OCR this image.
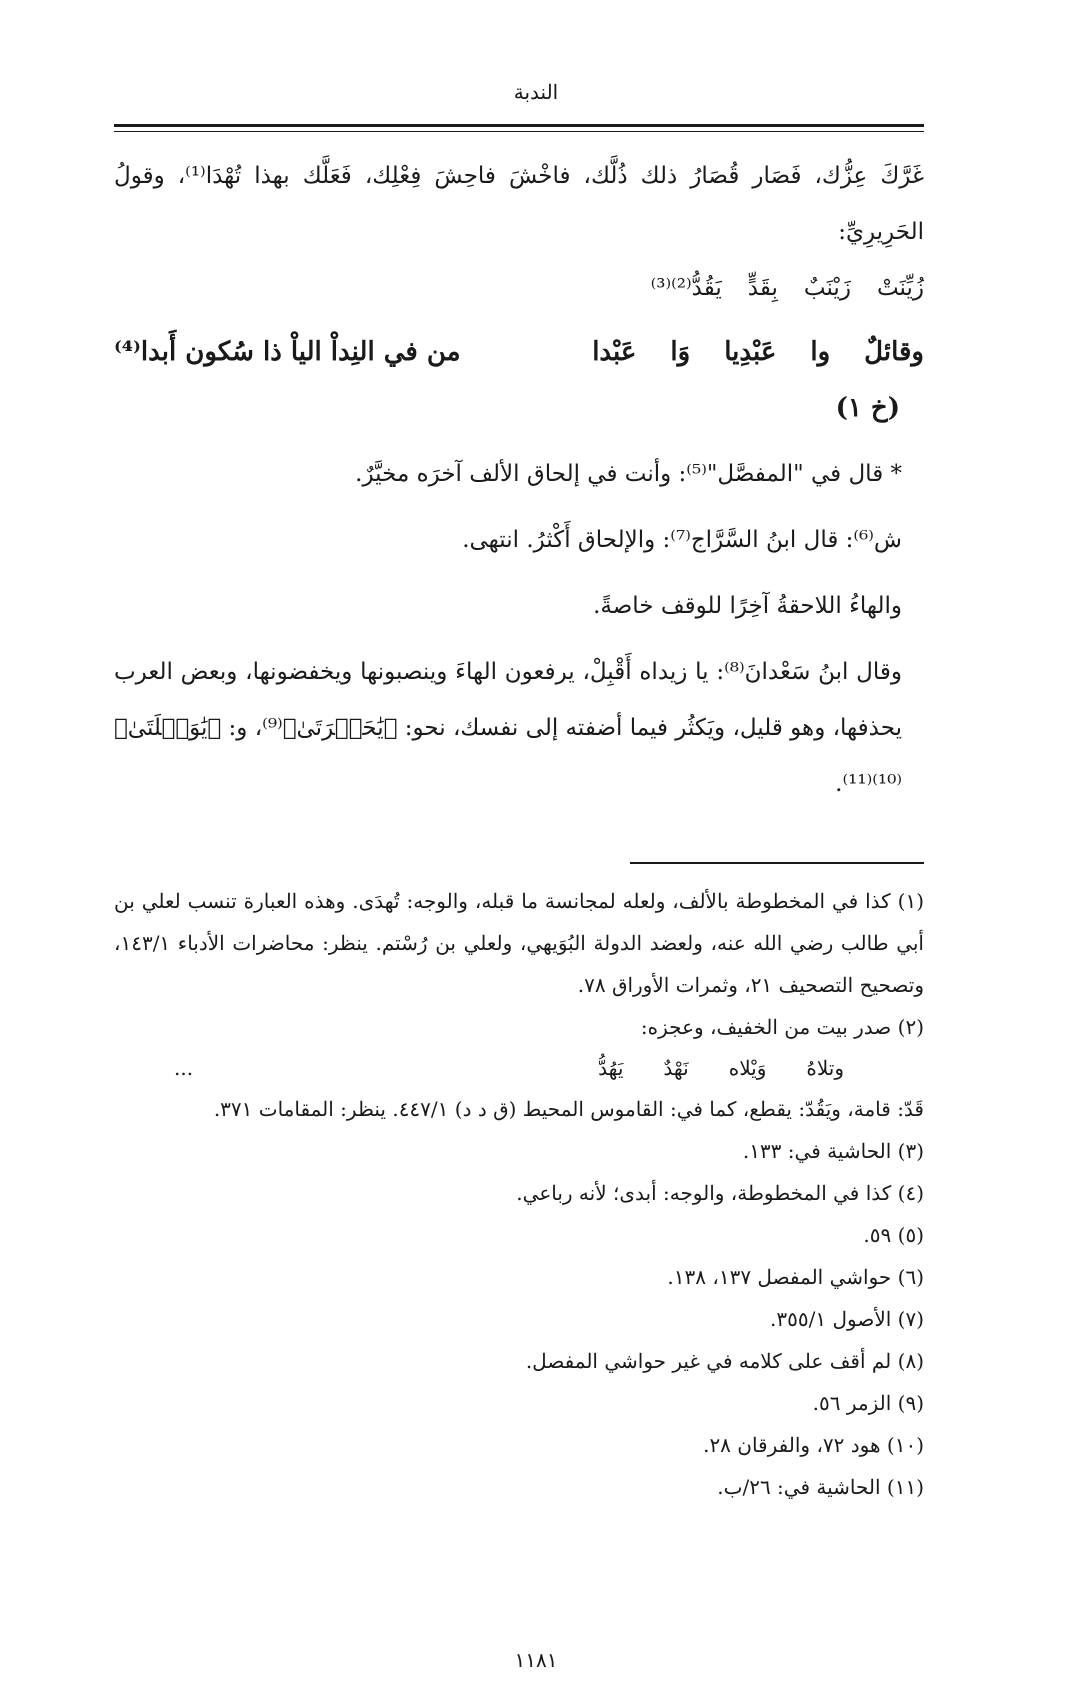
الندبة

غَرَّكَ عِزُّك، فَصَار قُصَارُ ذلك ذُلَّك، فاخْشَ فاحِشَ فِعْلِك، فَعَلَّك بهذا تُهْدَا⁽¹⁾، وقولُ الحَرِيرِيِّ:

زُيِّنَتْ
زَيْنَبٌ
بِقَدٍّ
يَقُدُّ⁽²⁾⁽³⁾
وقائلٌ
وا
عَبْدِيا
وَا
عَبْدا
من في النِداْ الياْ ذا سُكون أَبدا⁽⁴⁾

(خ ١)

* قال في "المفصَّل"⁽⁵⁾: وأنت في إلحاق الألف آخرَه مخيَّرٌ.

ش⁽⁶⁾: قال ابنُ السَّرَّاج⁽⁷⁾: والإلحاق أَكْثرُ. انتهى.

والهاءُ اللاحقةُ آخِرًا للوقف خاصةً.

وقال ابنُ سَعْدانَ⁽⁸⁾: يا زيداه أَقْبِلْ، يرفعون الهاءَ وينصبونها ويخفضونها، وبعض العرب يحذفها، وهو قليل، ويَكثُر فيما أضفته إلى نفسك، نحو: ﴿يَٰحَسۡرَتَىٰ﴾⁽⁹⁾، و: ﴿يَٰوَيۡلَتَىٰ﴾⁽¹⁰⁾⁽¹¹⁾.

(١) كذا في المخطوطة بالألف، ولعله لمجانسة ما قبله، والوجه: تُهدَى. وهذه العبارة تنسب لعلي بن أبي طالب رضي الله عنه، ولعضد الدولة البُوَيهي، ولعلي بن رُسْتم. ينظر: محاضرات الأدباء ١٤٣/١، وتصحيح التصحيف ٢١، وثمرات الأوراق ٧٨.

(٢) صدر بيت من الخفيف، وعجزه:

وتلاهُ
وَيْلاه
نَهْدٌ
يَهُدُّ
...

قَدّ: قامة، ويَقُدّ: يقطع، كما في: القاموس المحيط (ق د د) ٤٤٧/١. ينظر: المقامات ٣٧١.

(٣) الحاشية في: ١٣٣.

(٤) كذا في المخطوطة، والوجه: أبدى؛ لأنه رباعي.

(٥) ٥٩.

(٦) حواشي المفصل ١٣٧، ١٣٨.

(٧) الأصول ٣٥٥/١.

(٨) لم أقف على كلامه في غير حواشي المفصل.

(٩) الزمر ٥٦.

(١٠) هود ٧٢، والفرقان ٢٨.

(١١) الحاشية في: ٢٦/ب.

١١٨١
